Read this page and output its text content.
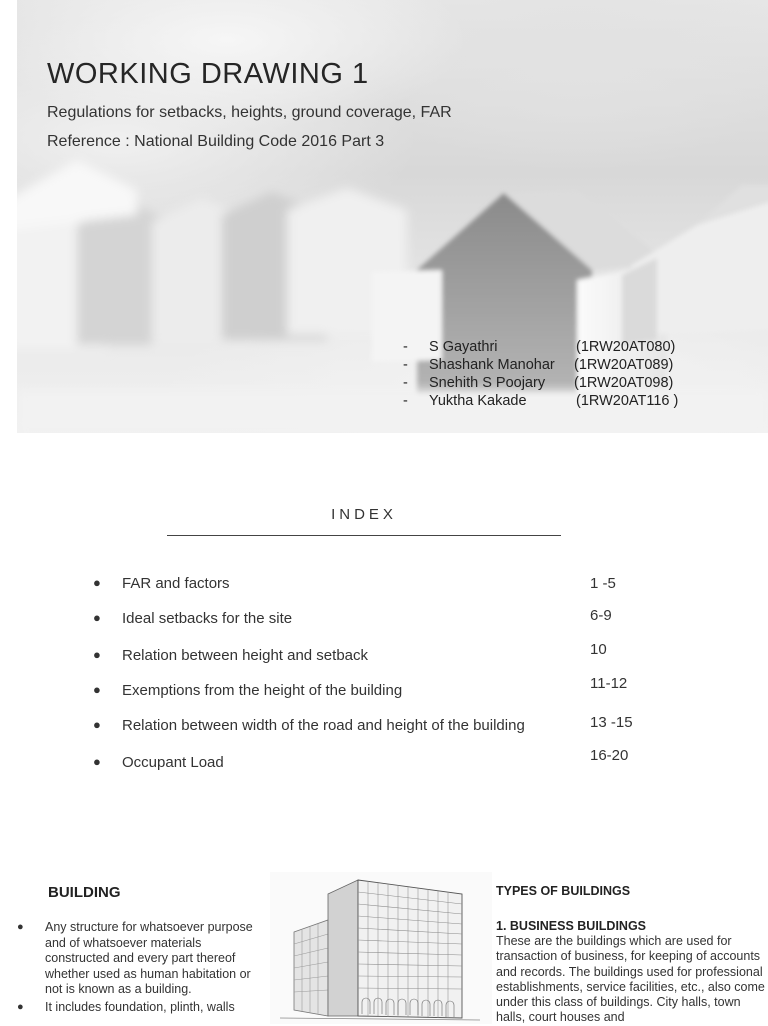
WORKING DRAWING 1

Regulations for setbacks, heights, ground coverage, FAR

Reference : National Building Code 2016 Part 3

- S Gayathri	(1RW20AT080)
- Shashank Manohar (1RW20AT089)
- Snehith S Poojary (1RW20AT098)
- Yuktha Kakade	(1RW20AT116 )
INDEX
● FAR and factors	1 -5
● Ideal setbacks for the site	6-9
● Relation between height and setback	10
● Exemptions from the height of the building	11-12
● Relation between width of the road and height of the building	13 -15
● Occupant Load	16-20
BUILDING
● Any structure for whatsoever purpose and of whatsoever materials constructed and every part thereof whether used as human habitation or not is known as a building.
● It includes foundation, plinth, walls
TYPES OF BUILDINGS
1. BUSINESS BUILDINGS

These are the buildings which are used for transaction of business, for keeping of accounts and records. The buildings used for professional establishments, service facilities, etc., also come under this class of buildings. City halls, town halls, court houses and
